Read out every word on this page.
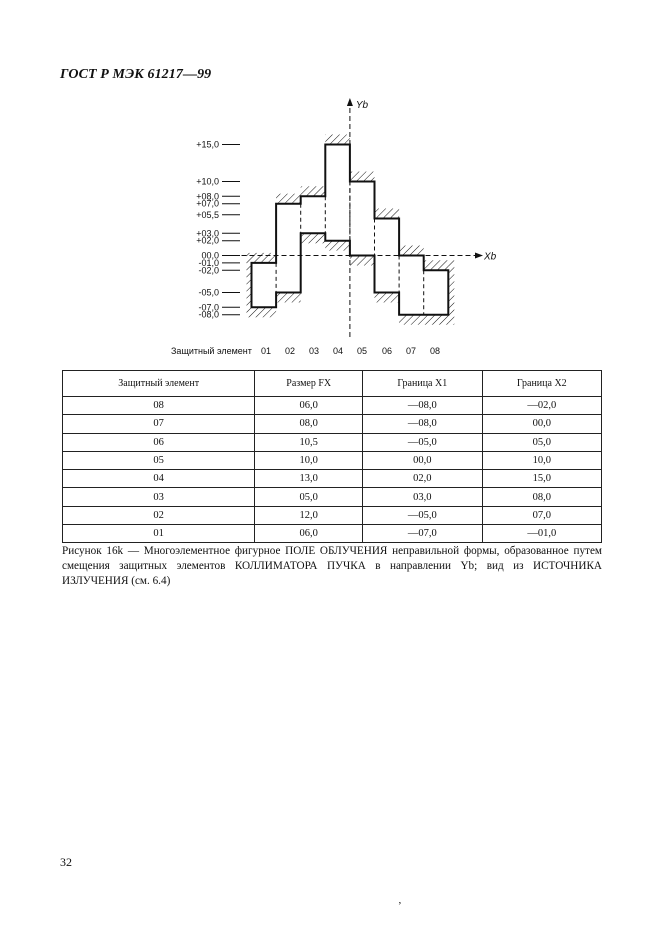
ГОСТ Р МЭК 61217—99
Yb
Xb
+15,0
+10,0
+08,0
+07,0
+05,5
+03,0
+02,0
00,0
-01,0
-02,0
-05,0
-07,0
-08,0
Защитный элемент 01 02 03 04 05 06 07 08
Защитный элемент	Размер FX	Граница X1	Граница X2
08	06,0	—08,0	—02,0
07	08,0	—08,0	00,0
06	10,5	—05,0	05,0
05	10,0	00,0	10,0
04	13,0	02,0	15,0
03	05,0	03,0	08,0
02	12,0	—05,0	07,0
01	06,0	—07,0	—01,0

Рисунок 16k — Многоэлементное фигурное ПОЛЕ ОБЛУЧЕНИЯ неправильной формы, образованное путем смещения защитных элементов КОЛЛИМАТОРА ПУЧКА в направлении Yb; вид из ИСТОЧНИКА ИЗЛУЧЕНИЯ (см. 6.4)

32

‚
